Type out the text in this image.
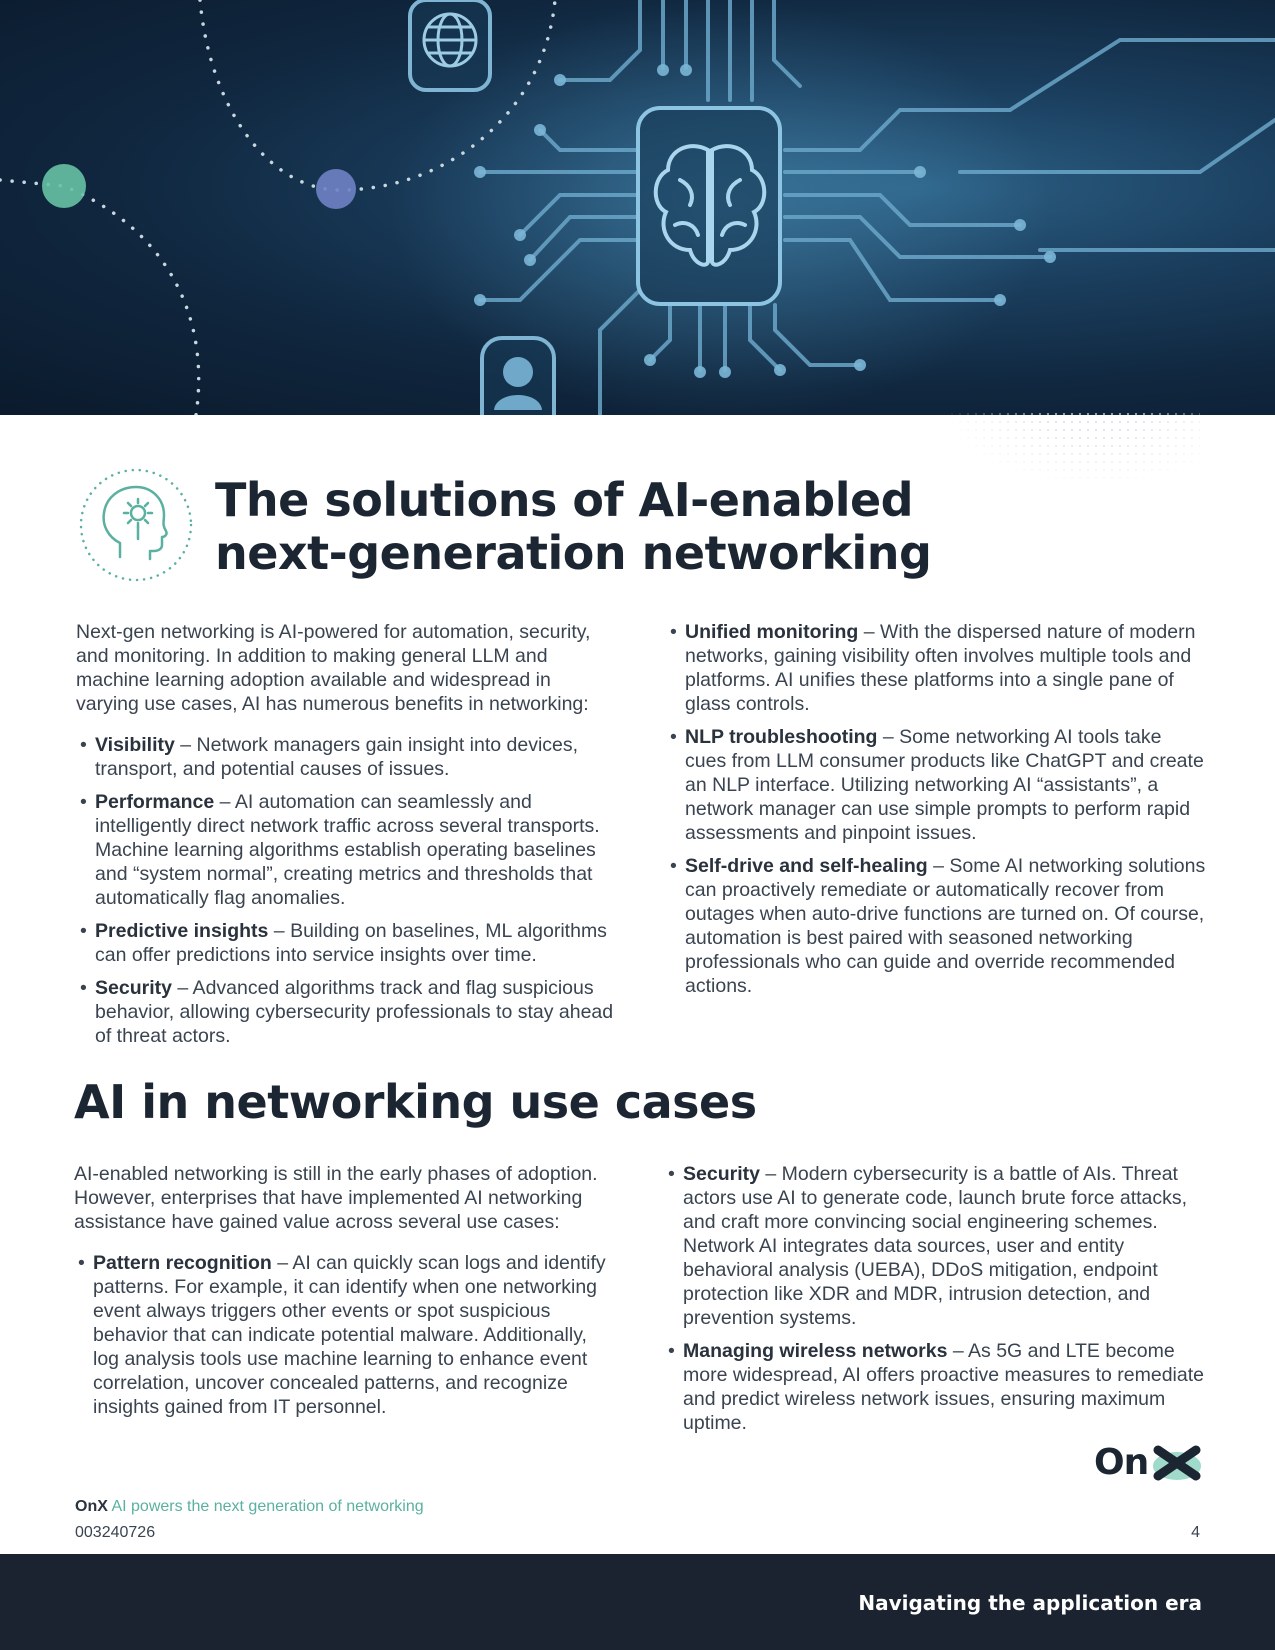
The solutions of AI-enabled
next-generation networking

Next-gen networking is AI-powered for automation, security, and monitoring. In addition to making general LLM and machine learning adoption available and widespread in varying use cases, AI has numerous benefits in networking:

• Visibility – Network managers gain insight into devices, transport, and potential causes of issues.
• Performance – AI automation can seamlessly and intelligently direct network traffic across several transports. Machine learning algorithms establish operating baselines and “system normal”, creating metrics and thresholds that automatically flag anomalies.
• Predictive insights – Building on baselines, ML algorithms can offer predictions into service insights over time.
• Security – Advanced algorithms track and flag suspicious behavior, allowing cybersecurity professionals to stay ahead of threat actors.
• Unified monitoring – With the dispersed nature of modern networks, gaining visibility often involves multiple tools and platforms. AI unifies these platforms into a single pane of glass controls.
• NLP troubleshooting – Some networking AI tools take cues from LLM consumer products like ChatGPT and create an NLP interface. Utilizing networking AI “assistants”, a network manager can use simple prompts to perform rapid assessments and pinpoint issues.
• Self-drive and self-healing – Some AI networking solutions can proactively remediate or automatically recover from outages when auto-drive functions are turned on. Of course, automation is best paired with seasoned networking professionals who can guide and override recommended actions.
AI in networking use cases

AI-enabled networking is still in the early phases of adoption. However, enterprises that have implemented AI networking assistance have gained value across several use cases:

• Pattern recognition – AI can quickly scan logs and identify patterns. For example, it can identify when one networking event always triggers other events or spot suspicious behavior that can indicate potential malware. Additionally, log analysis tools use machine learning to enhance event correlation, uncover concealed patterns, and recognize insights gained from IT personnel.
• Security – Modern cybersecurity is a battle of AIs. Threat actors use AI to generate code, launch brute force attacks, and craft more convincing social engineering schemes. Network AI integrates data sources, user and entity behavioral analysis (UEBA), DDoS mitigation, endpoint protection like XDR and MDR, intrusion detection, and prevention systems.
• Managing wireless networks – As 5G and LTE become more widespread, AI offers proactive measures to remediate and predict wireless network issues, ensuring maximum uptime.
On
OnX AI powers the next generation of networking
003240726	4
Navigating the application era
